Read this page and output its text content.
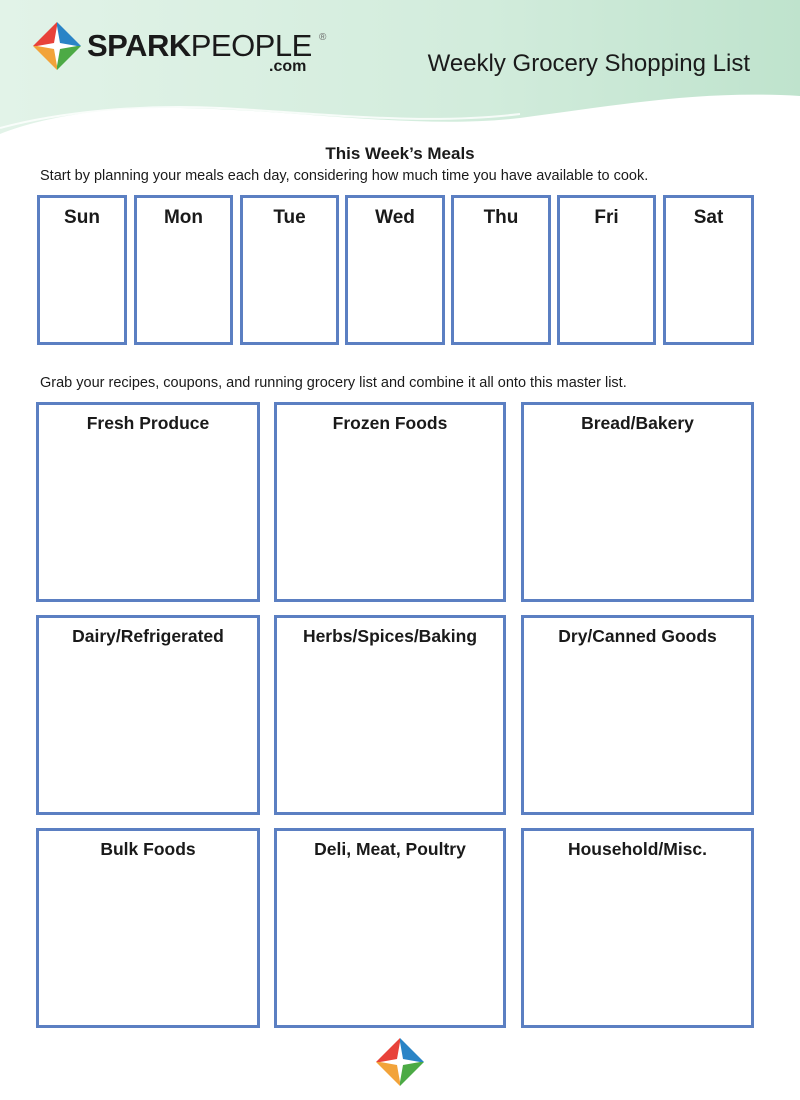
SPARKPEOPLE ®
.com	Weekly Grocery Shopping List
This Week’s Meals
Start by planning your meals each day, considering how much time you have available to cook.
Sun	Mon	Tue	Wed	Thu	Fri	Sat
Grab your recipes, coupons, and running grocery list and combine it all onto this master list.
Fresh Produce	Frozen Foods	Bread/Bakery
Dairy/Refrigerated	Herbs/Spices/Baking	Dry/Canned Goods
Bulk Foods	Deli, Meat, Poultry	Household/Misc.
